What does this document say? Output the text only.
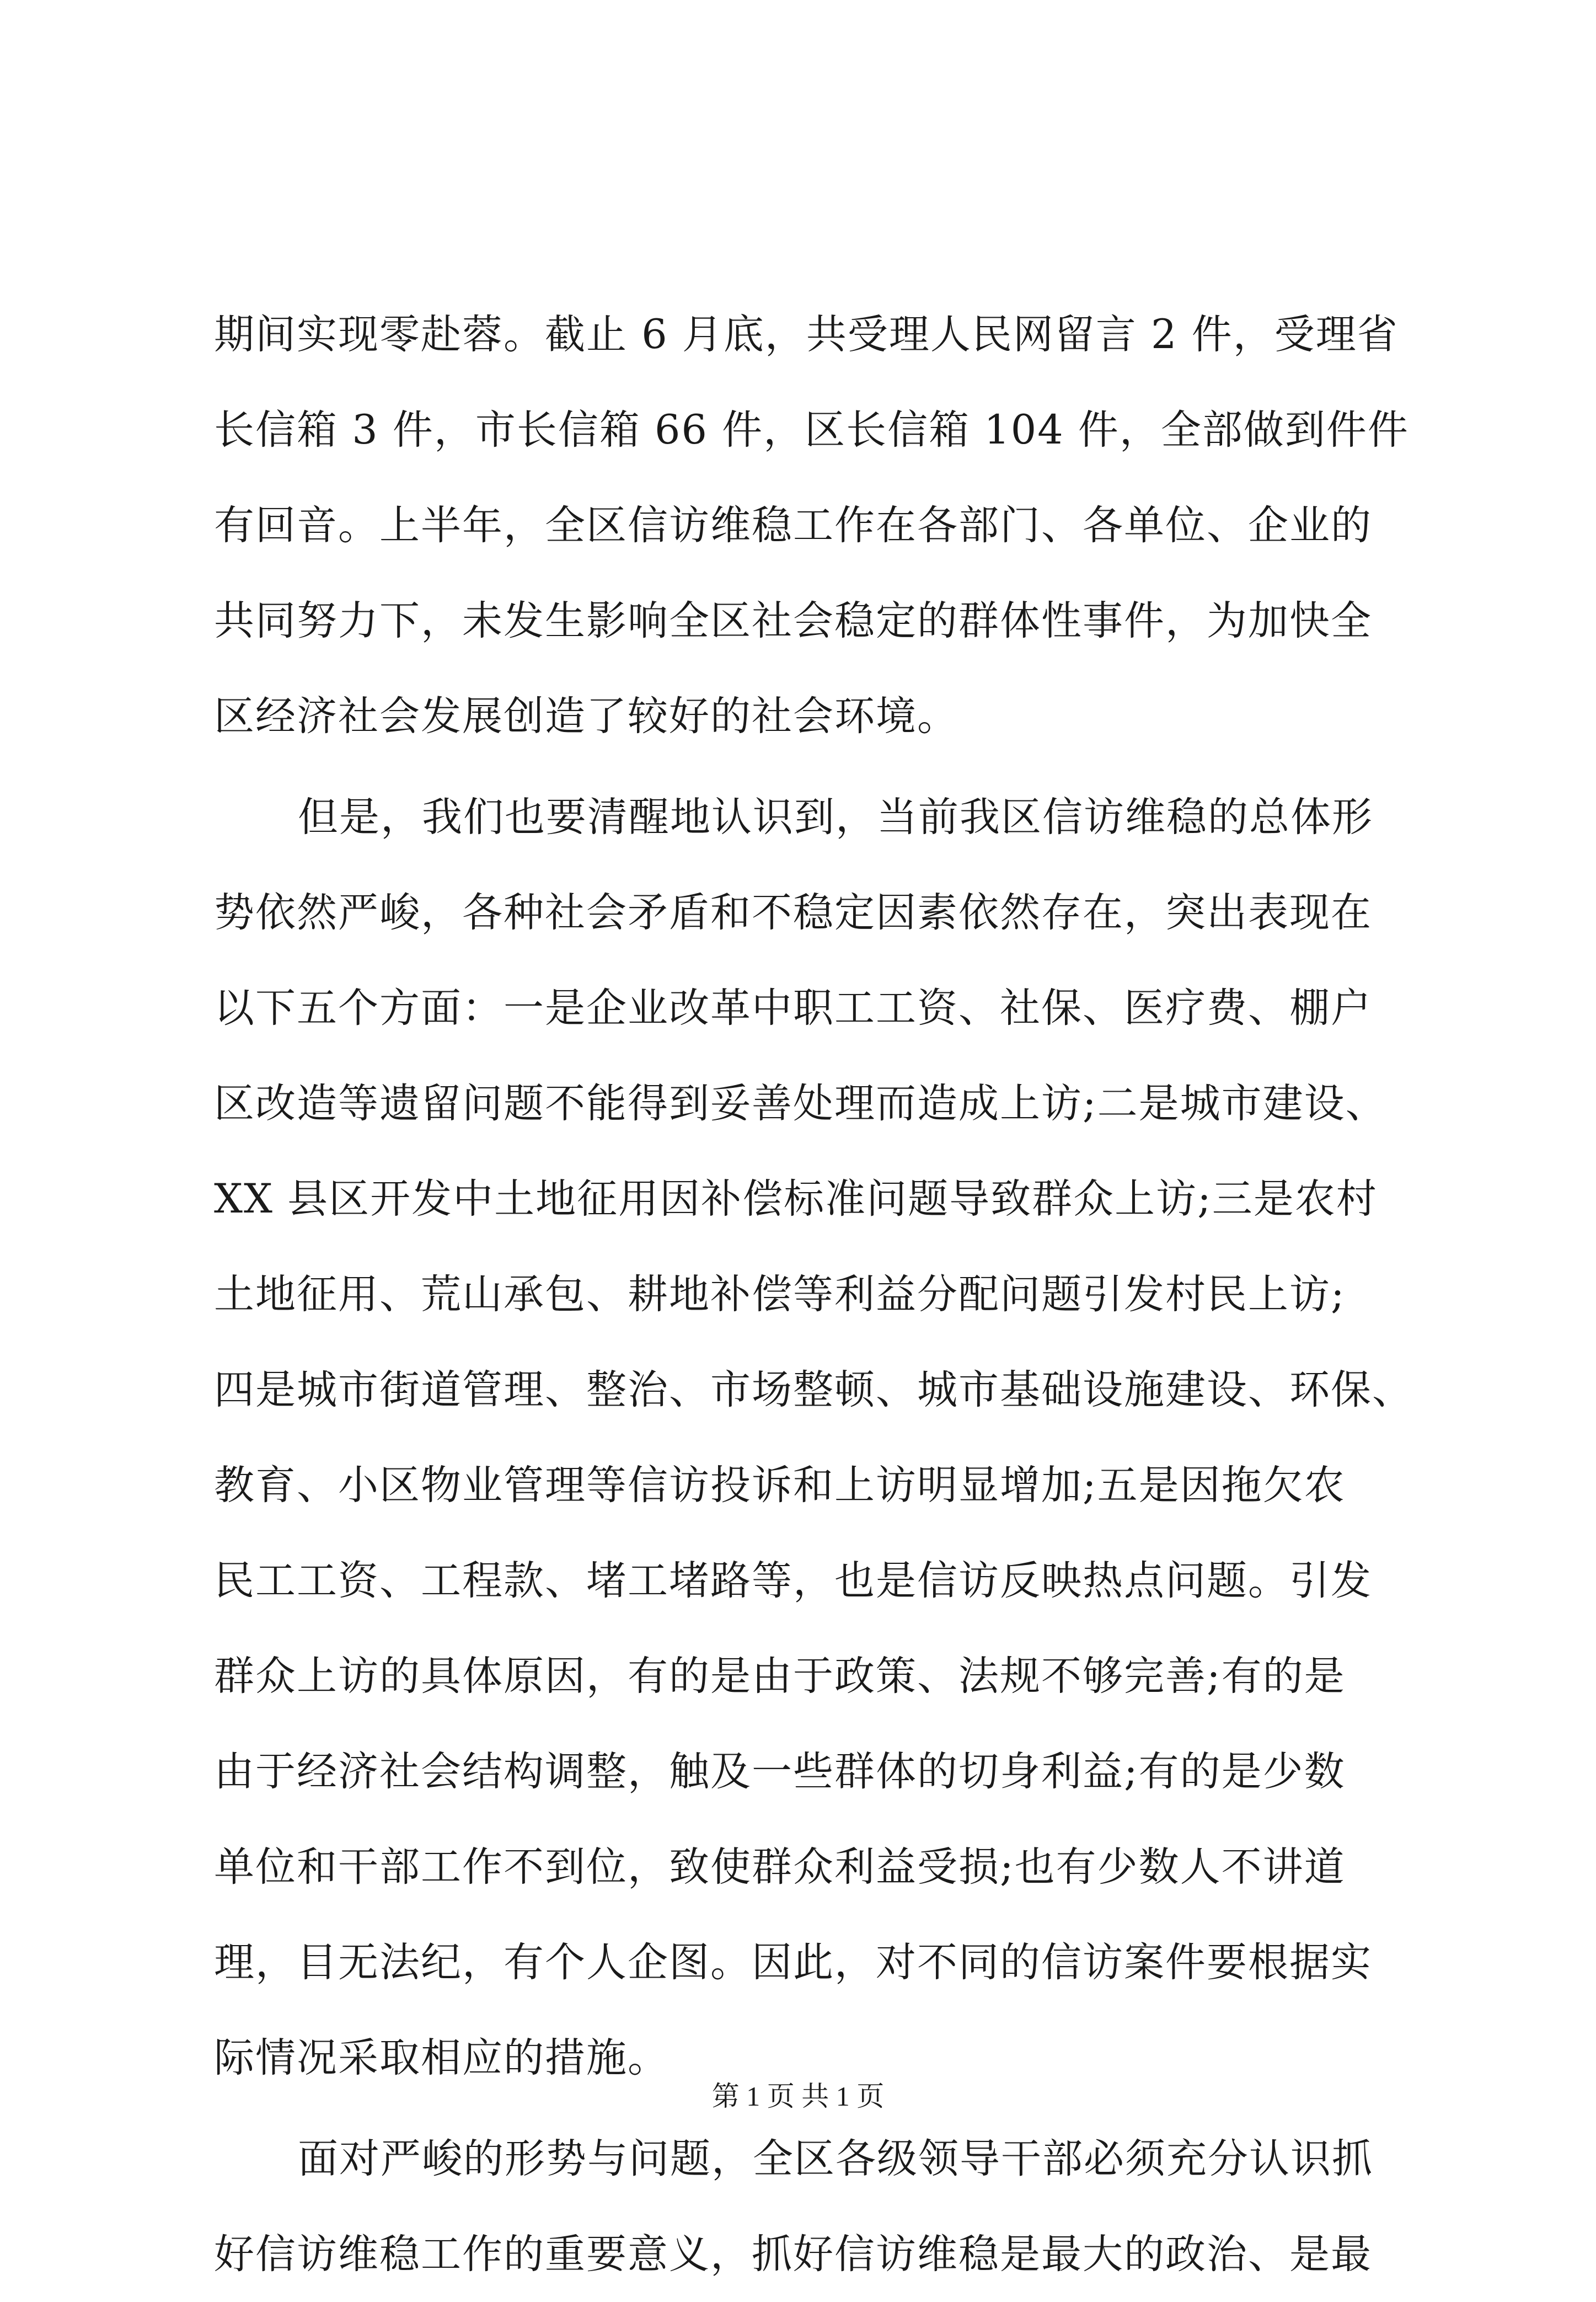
期间实现零赴蓉。截止 6 月底，共受理人民网留言 2 件，受理省
长信箱 3 件，市长信箱 66 件，区长信箱 104 件，全部做到件件
有回音。上半年，全区信访维稳工作在各部门、各单位、企业的
共同努力下，未发生影响全区社会稳定的群体性事件，为加快全
区经济社会发展创造了较好的社会环境。
但是，我们也要清醒地认识到，当前我区信访维稳的总体形
势依然严峻，各种社会矛盾和不稳定因素依然存在，突出表现在
以下五个方面：一是企业改革中职工工资、社保、医疗费、棚户
区改造等遗留问题不能得到妥善处理而造成上访;二是城市建设、
XX 县区开发中土地征用因补偿标准问题导致群众上访;三是农村
土地征用、荒山承包、耕地补偿等利益分配问题引发村民上访;
四是城市街道管理、整治、市场整顿、城市基础设施建设、环保、
教育、小区物业管理等信访投诉和上访明显增加;五是因拖欠农
民工工资、工程款、堵工堵路等，也是信访反映热点问题。引发
群众上访的具体原因，有的是由于政策、法规不够完善;有的是
由于经济社会结构调整，触及一些群体的切身利益;有的是少数
单位和干部工作不到位，致使群众利益受损;也有少数人不讲道
理，目无法纪，有个人企图。因此，对不同的信访案件要根据实
际情况采取相应的措施。
面对严峻的形势与问题，全区各级领导干部必须充分认识抓
好信访维稳工作的重要意义，抓好信访维稳是最大的政治、是最
第 1 页 共 1 页
